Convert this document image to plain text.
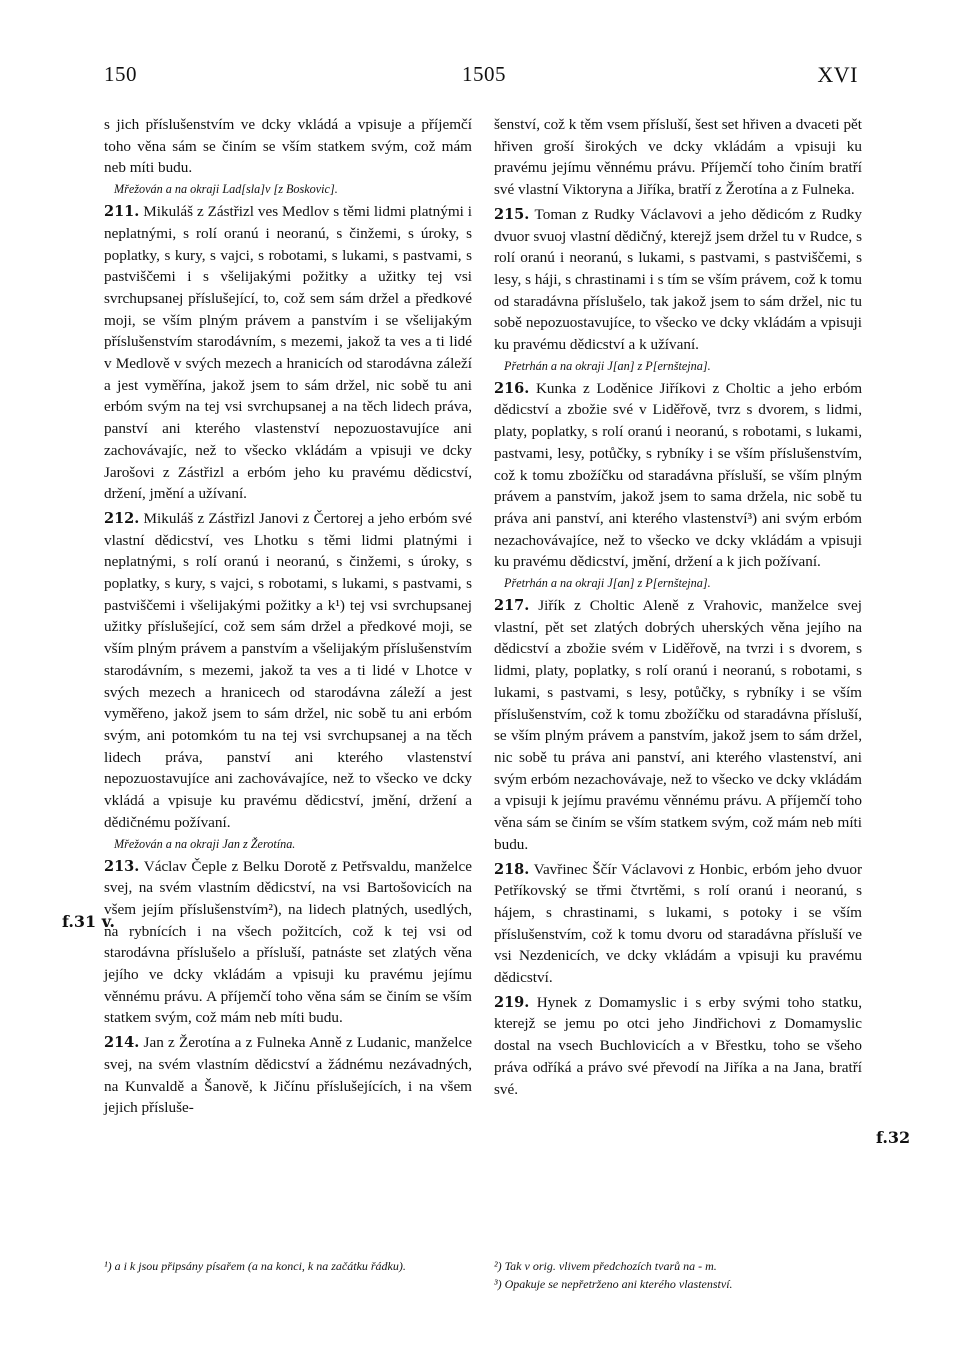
150	1505	XVI
f.31 v.
f.32

s jich příslušenstvím ve dcky vkládá a vpisuje a příjemčí toho věna sám se činím se vším statkem svým, což mám neb míti budu.

Mřežován a na okraji Lad[sla]v [z Boskovic].

211. Mikuláš z Zástřizl ves Medlov s těmi lidmi platnými i neplatnými, s rolí oranú i neoranú, s činžemi, s úroky, s poplatky, s kury, s vajci, s robotami, s lukami, s pastvami, s pastviščemi i s všelijakými požitky a užitky tej vsi svrchupsanej příslušející, to, což sem sám držel a předkové moji, se vším plným právem a panstvím i se všelijakým příslušenstvím starodávním, s mezemi, jakož ta ves a ti lidé v Medlově v svých mezech a hranicích od starodávna záleží a jest vyměřína, jakož jsem to sám držel, nic sobě tu ani erbóm svým na tej vsi svrchupsanej a na těch lidech práva, panství ani kterého vlastenství nepozuostavujíce ani zachovávajíc, než to všecko vkládám a vpisuji ve dcky Jarošovi z Zástřizl a erbóm jeho ku pravému dědicství, držení, jmění a užívaní.

212. Mikuláš z Zástřizl Janovi z Čertorej a jeho erbóm své vlastní dědicství, ves Lhotku s těmi lidmi platnými i neplatnými, s rolí oranú i neoranú, s činžemi, s úroky, s poplatky, s kury, s vajci, s robotami, s lukami, s pastvami, s pastviščemi i všelijakými požitky a k¹) tej vsi svrchupsanej užitky příslušející, což sem sám držel a předkové moji, se vším plným právem a panstvím a všelijakým příslušenstvím starodávním, s mezemi, jakož ta ves a ti lidé v Lhotce v svých mezech a hranicech od starodávna záleží a jest vyměřeno, jakož jsem to sám držel, nic sobě tu ani erbóm svým, ani potomkóm tu na tej vsi svrchupsanej a na těch lidech práva, panství ani kterého vlastenství nepozuostavujíce ani zachovávajíce, než to všecko ve dcky vkládá a vpisuje ku pravému dědicství, jmění, držení a dědičnému požívaní.

Mřežován a na okraji Jan z Žerotína.

213. Václav Čeple z Belku Dorotě z Petřsvaldu, manželce svej, na svém vlastním dědicství, na vsi Bartošovicích na všem jejím příslušenstvím²), na lidech platných, usedlých, na rybnících i na všech požitcích, což k tej vsi od starodávna příslušelo a přísluší, patnáste set zlatých věna jejího ve dcky vkládám a vpisuji ku pravému jejímu věnnému právu. A příjemčí toho věna sám se činím se vším statkem svým, což mám neb míti budu.

214. Jan z Žerotína a z Fulneka Anně z Ludanic, manželce svej, na svém vlastním dědicství a žádnému nezávadných, na Kunvaldě a Šanově, k Jičínu příslušejících, i na všem jejich přísluše-

šenství, což k těm vsem přísluší, šest set hřiven a dvaceti pět hřiven groší širokých ve dcky vkládám a vpisuji ku pravému jejímu věnnému právu. Příjemčí toho činím bratří své vlastní Viktoryna a Jiříka, bratří z Žerotína a z Fulneka.

215. Toman z Rudky Václavovi a jeho dědicóm z Rudky dvuor svuoj vlastní dědičný, kterejž jsem držel tu v Rudce, s rolí oranú i neoranú, s lukami, s pastvami, s pastviščemi, s lesy, s háji, s chrastinami i s tím se vším právem, což k tomu od staradávna příslušelo, tak jakož jsem to sám držel, nic tu sobě nepozuostavujíce, to všecko ve dcky vkládám a vpisuji ku pravému dědicství a k užívaní.

Přetrhán a na okraji J[an] z P[ernštejna].

216. Kunka z Loděnice Jiříkovi z Choltic a jeho erbóm dědicství a zbožie své v Liděřově, tvrz s dvorem, s lidmi, platy, poplatky, s rolí oranú i neoranú, s robotami, s lukami, pastvami, lesy, potůčky, s rybníky i se vším příslušenstvím, což k tomu zbožíčku od staradávna přísluší, se vším plným právem a panstvím, jakož jsem to sama držela, nic sobě tu práva ani panství, ani kterého vlastenství³) ani svým erbóm nezachovávajíce, než to všecko ve dcky vkládám a vpisuji ku pravému dědicství, jmění, držení a k jich požívaní.

Přetrhán a na okraji J[an] z P[ernštejna].

217. Jiřík z Choltic Aleně z Vrahovic, manželce svej vlastní, pět set zlatých dobrých uherských věna jejího na dědicství a zbožie svém v Liděřově, na tvrzi i s dvorem, s lidmi, platy, poplatky, s rolí oranú i neoranú, s robotami, s lukami, s pastvami, s lesy, potůčky, s rybníky i se vším příslušenstvím, což k tomu zbožíčku od staradávna přísluší, se vším plným právem a panstvím, jakož jsem to sám držel, nic sobě tu práva ani panství, ani kterého vlastenství, ani svým erbóm nezachovávaje, než to všecko ve dcky vkládám a vpisuji k jejímu pravému věnnému právu. A příjemčí toho věna sám se činím se vším statkem svým, což mám neb míti budu.

218. Vavřinec Ščír Václavovi z Honbic, erbóm jeho dvuor Petříkovský se třmi čtvrtěmi, s rolí oranú i neoranú, s hájem, s chrastinami, s lukami, s potoky i se vším příslušenstvím, což k tomu dvoru od staradávna přísluší ve vsi Nezdenicích, ve dcky vkládám a vpisuji ku pravému dědicství.

219. Hynek z Domamyslic i s erby svými toho statku, kterejž se jemu po otci jeho Jindřichovi z Domamyslic dostal na vsech Buchlovicích a v Břestku, toho se všeho práva odříká a právo své převodí na Jiříka a na Jana, bratří své.

¹) a i k jsou připsány písařem (a na konci, k na začátku řádku).	²) Tak v orig. vlivem předchozích tvarů na - m.

³) Opakuje se nepřetrženo ani kterého vlastenství.
